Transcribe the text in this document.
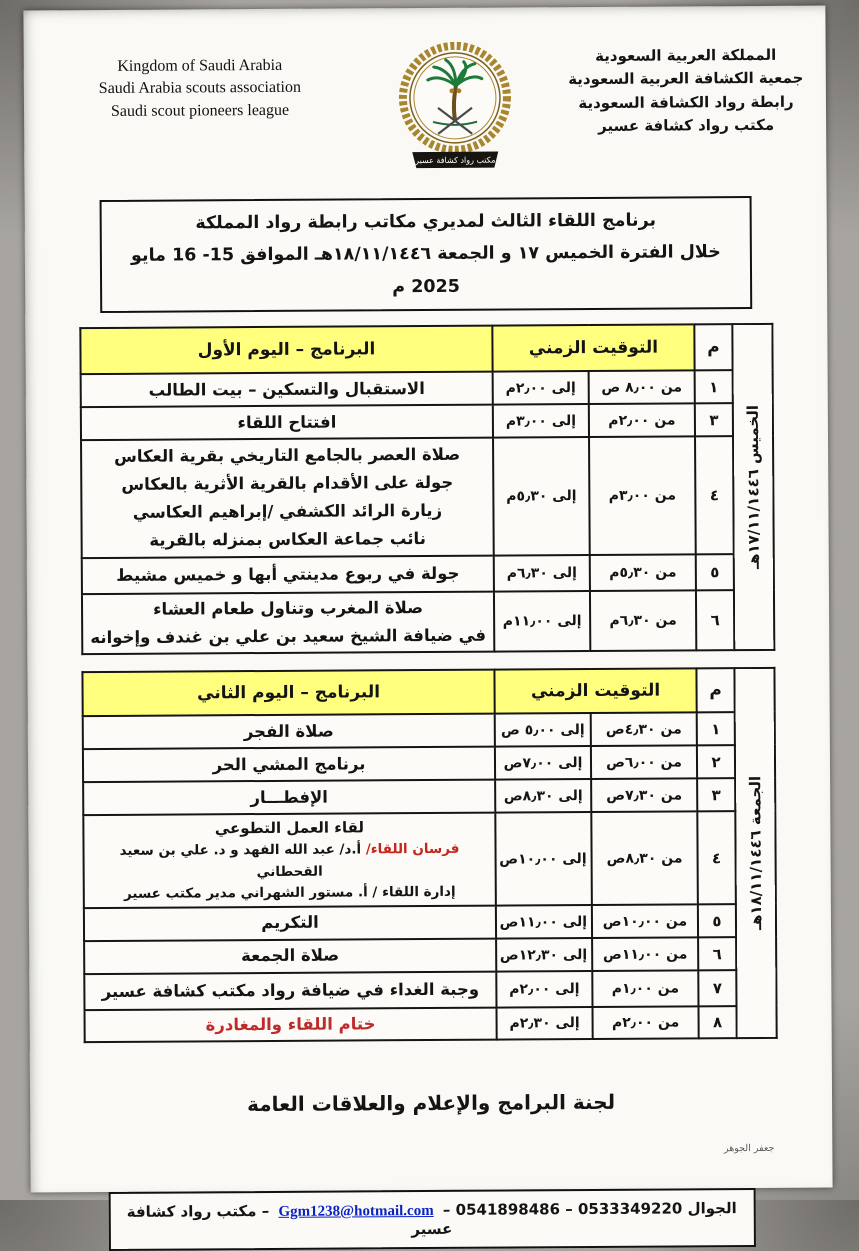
Kingdom of Saudi Arabia
Saudi Arabia scouts association
Saudi scout pioneers league
مكتب رواد كشافة عسير
المملكة العربية السعودية
جمعية الكشافة العربية السعودية
رابطة رواد الكشافة السعودية
مكتب رواد كشافة عسير
برنامج اللقاء الثالث لمديري مكاتب رابطة رواد المملكة
خلال الفترة الخميس ١٧ و الجمعة ١٨/١١/١٤٤٦هـ الموافق 15- 16 مايو 2025 م
الخميس ١٧/١١/١٤٤٦هـ	م	التوقيت الزمني		البرنامج – اليوم الأول
	١	من ٨٫٠٠ ص	إلى ٢٫٠٠م	الاستقبال والتسكين – بيت الطالب
	٣	من ٢٫٠٠م	إلى ٣٫٠٠م	افتتاح اللقاء
	٤	من ٣٫٠٠م	إلى ٥٫٣٠م	صلاة العصر بالجامع التاريخي بقرية العكاس
جولة على الأقدام بالقرية الأثرية بالعكاس
زيارة الرائد الكشفي /إبراهيم العكاسي
نائب جماعة العكاس بمنزله بالقرية
	٥	من ٥٫٣٠م	إلى ٦٫٣٠م	جولة في ربوع مدينتي أبها و خميس مشيط
	٦	من ٦٫٣٠م	إلى ١١٫٠٠م	صلاة المغرب وتناول طعام العشاء
في ضيافة الشيخ سعيد بن علي بن غندف وإخوانه
الجمعة ١٨/١١/١٤٤٦هـ	م	التوقيت الزمني		البرنامج – اليوم الثاني
	١	من ٤٫٣٠ص	إلى ٥٫٠٠ ص	صلاة الفجر
	٢	من ٦٫٠٠ص	إلى ٧٫٠٠ص	برنامج المشي الحر
	٣	من ٧٫٣٠ص	إلى ٨٫٣٠ص	الإفطـــار
	٤	من ٨٫٣٠ص	إلى ١٠٫٠٠ص	لقاء العمل التطوعي
فرسان اللقاء/ أ.د/ عبد الله الفهد و د. علي بن سعيد القحطاني
إدارة اللقاء / أ. مستور الشهراني مدير مكتب عسير

	٥	من ١٠٫٠٠ص	إلى ١١٫٠٠ص	التكريم
	٦	من ١١٫٠٠ص	إلى ١٢٫٣٠ص	صلاة الجمعة
	٧	من ١٫٠٠م	إلى ٢٫٠٠م	وجبة الغداء في ضيافة رواد مكتب كشافة عسير
	٨	من ٢٫٠٠م	إلى ٢٫٣٠م	ختام اللقاء والمغادرة
لجنة البرامج والإعلام والعلاقات العامة
جعفر الجوهر
الجوال 0533349220 – 0541898486 – Ggm1238@hotmail.com – مكتب رواد كشافة عسير
